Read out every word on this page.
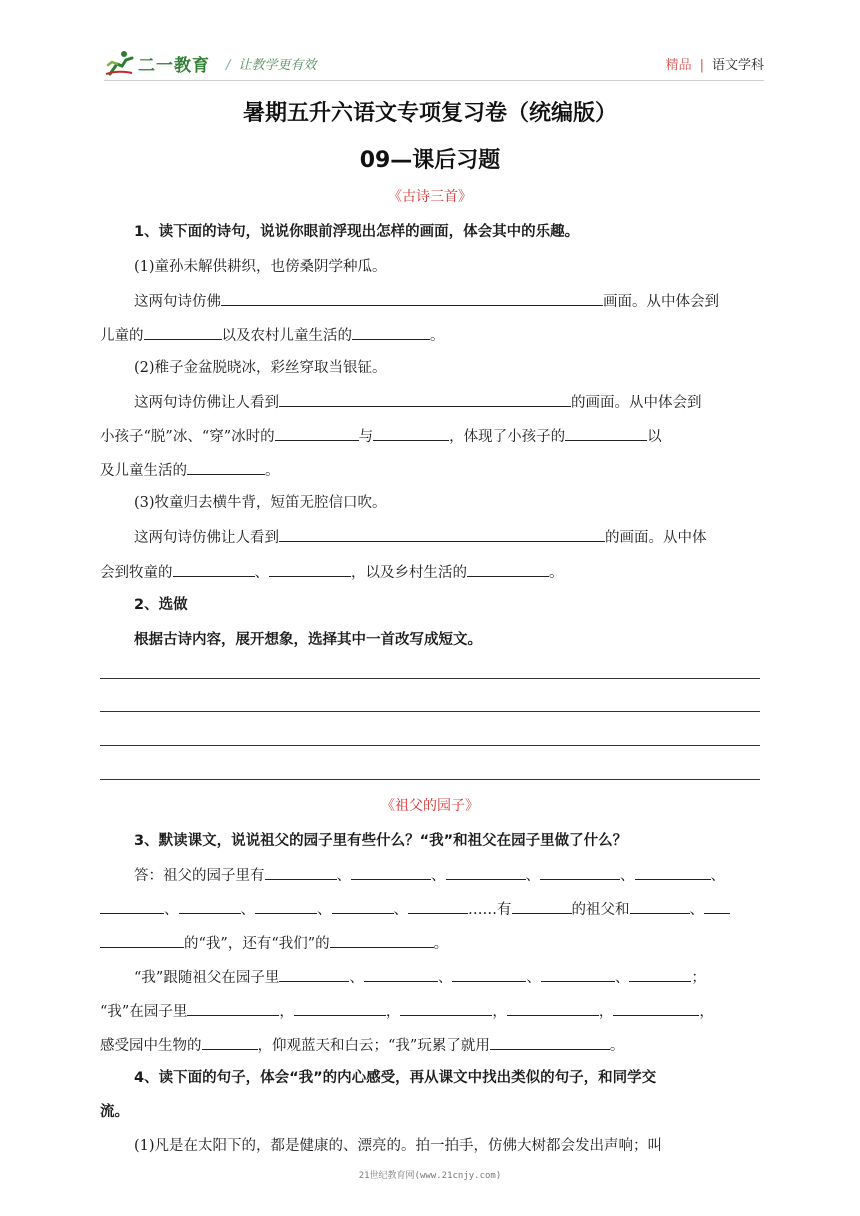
二一教育 / 让教学更有效	精品 | 语文学科
暑期五升六语文专项复习卷（统编版）
09—课后习题
《古诗三首》
1、读下面的诗句，说说你眼前浮现出怎样的画面，体会其中的乐趣。
(1)童孙未解供耕织，也傍桑阴学种瓜。
这两句诗仿佛	画面。从中体会到
儿童的	以及农村儿童生活的	。
(2)稚子金盆脱晓冰，彩丝穿取当银钲。
这两句诗仿佛让人看到	的画面。从中体会到
小孩子“脱”冰、“穿”冰时的	与	，体现了小孩子的	以
及儿童生活的	。
(3)牧童归去横牛背，短笛无腔信口吹。
这两句诗仿佛让人看到	的画面。从中体
会到牧童的	、	，以及乡村生活的	。
2、选做
根据古诗内容，展开想象，选择其中一首改写成短文。
《祖父的园子》
3、默读课文，说说祖父的园子里有些什么？“我”和祖父在园子里做了什么？
答：祖父的园子里有	、	、	、	、	、
、	、	、	、	……有	的祖父和	、
的“我”，还有“我们”的	。
“我”跟随祖父在园子里	、	、	、	、	；
“我”在园子里	，	，	，	，	，
感受园中生物的	，仰观蓝天和白云；“我”玩累了就用	。
4、读下面的句子，体会“我”的内心感受，再从课文中找出类似的句子，和同学交
流。
(1)凡是在太阳下的，都是健康的、漂亮的。拍一拍手，仿佛大树都会发出声响；叫
21世纪教育网(www.21cnjy.com)
